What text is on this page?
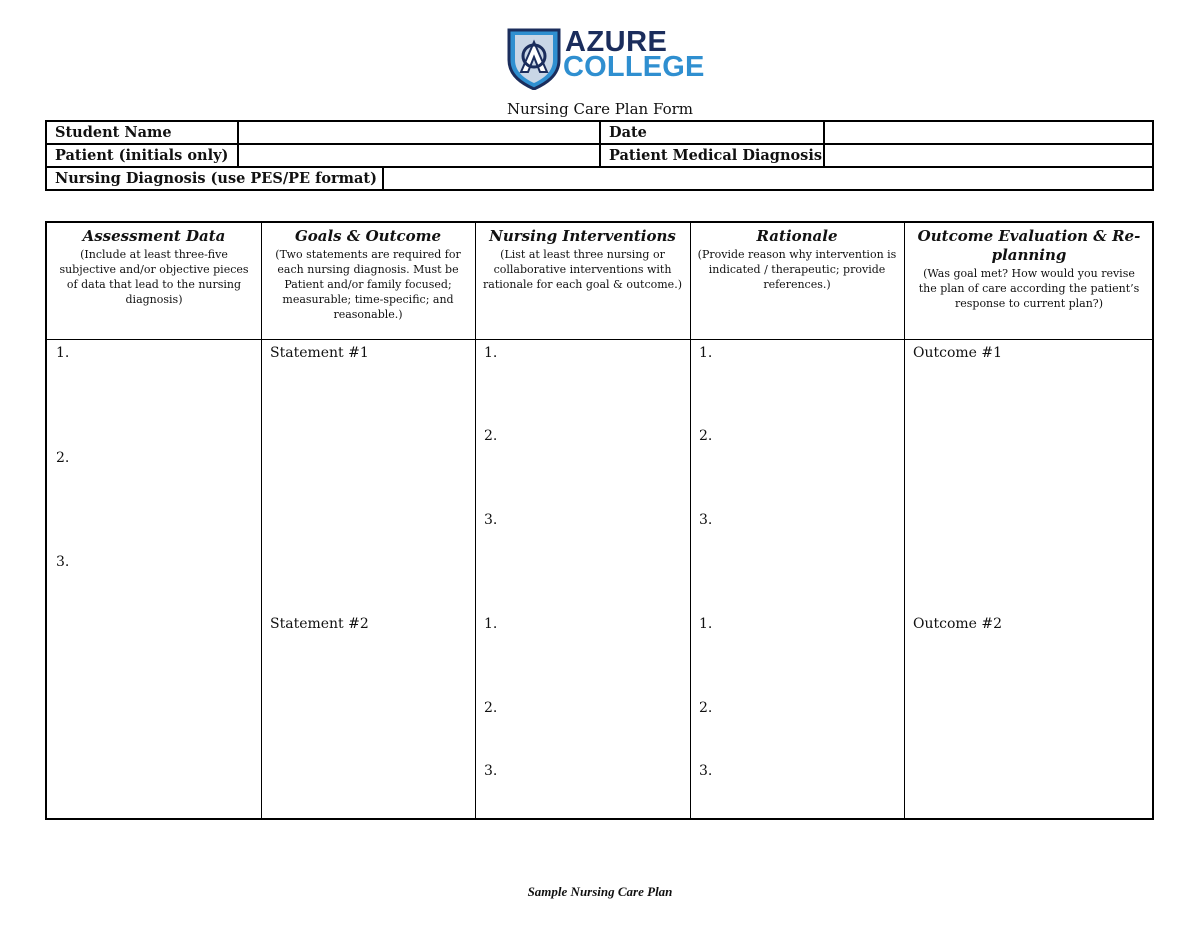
AZURE
COLLEGE
Nursing Care Plan Form
Student Name	Date
Patient (initials only)	Patient Medical Diagnosis
Nursing Diagnosis (use PES/PE format)
Assessment Data
(Include at least three-five subjective and/or objective pieces of data that lead to the nursing diagnosis)
Goals & Outcome
(Two statements are required for each nursing diagnosis. Must be Patient and/or family focused; measurable; time-specific; and reasonable.)
Nursing Interventions
(List at least three nursing or collaborative interventions with rationale for each goal & outcome.)
Rationale
(Provide reason why intervention is indicated / therapeutic; provide references.)
Outcome Evaluation & Re-planning
(Was goal met? How would you revise the plan of care according the patient’s response to current plan?)
1.
2.
3.
Statement #1
Statement #2
1.
2.
3.
1.
2.
3.
1.
2.
3.
1.
2.
3.
Outcome #1
Outcome #2
Sample Nursing Care Plan
